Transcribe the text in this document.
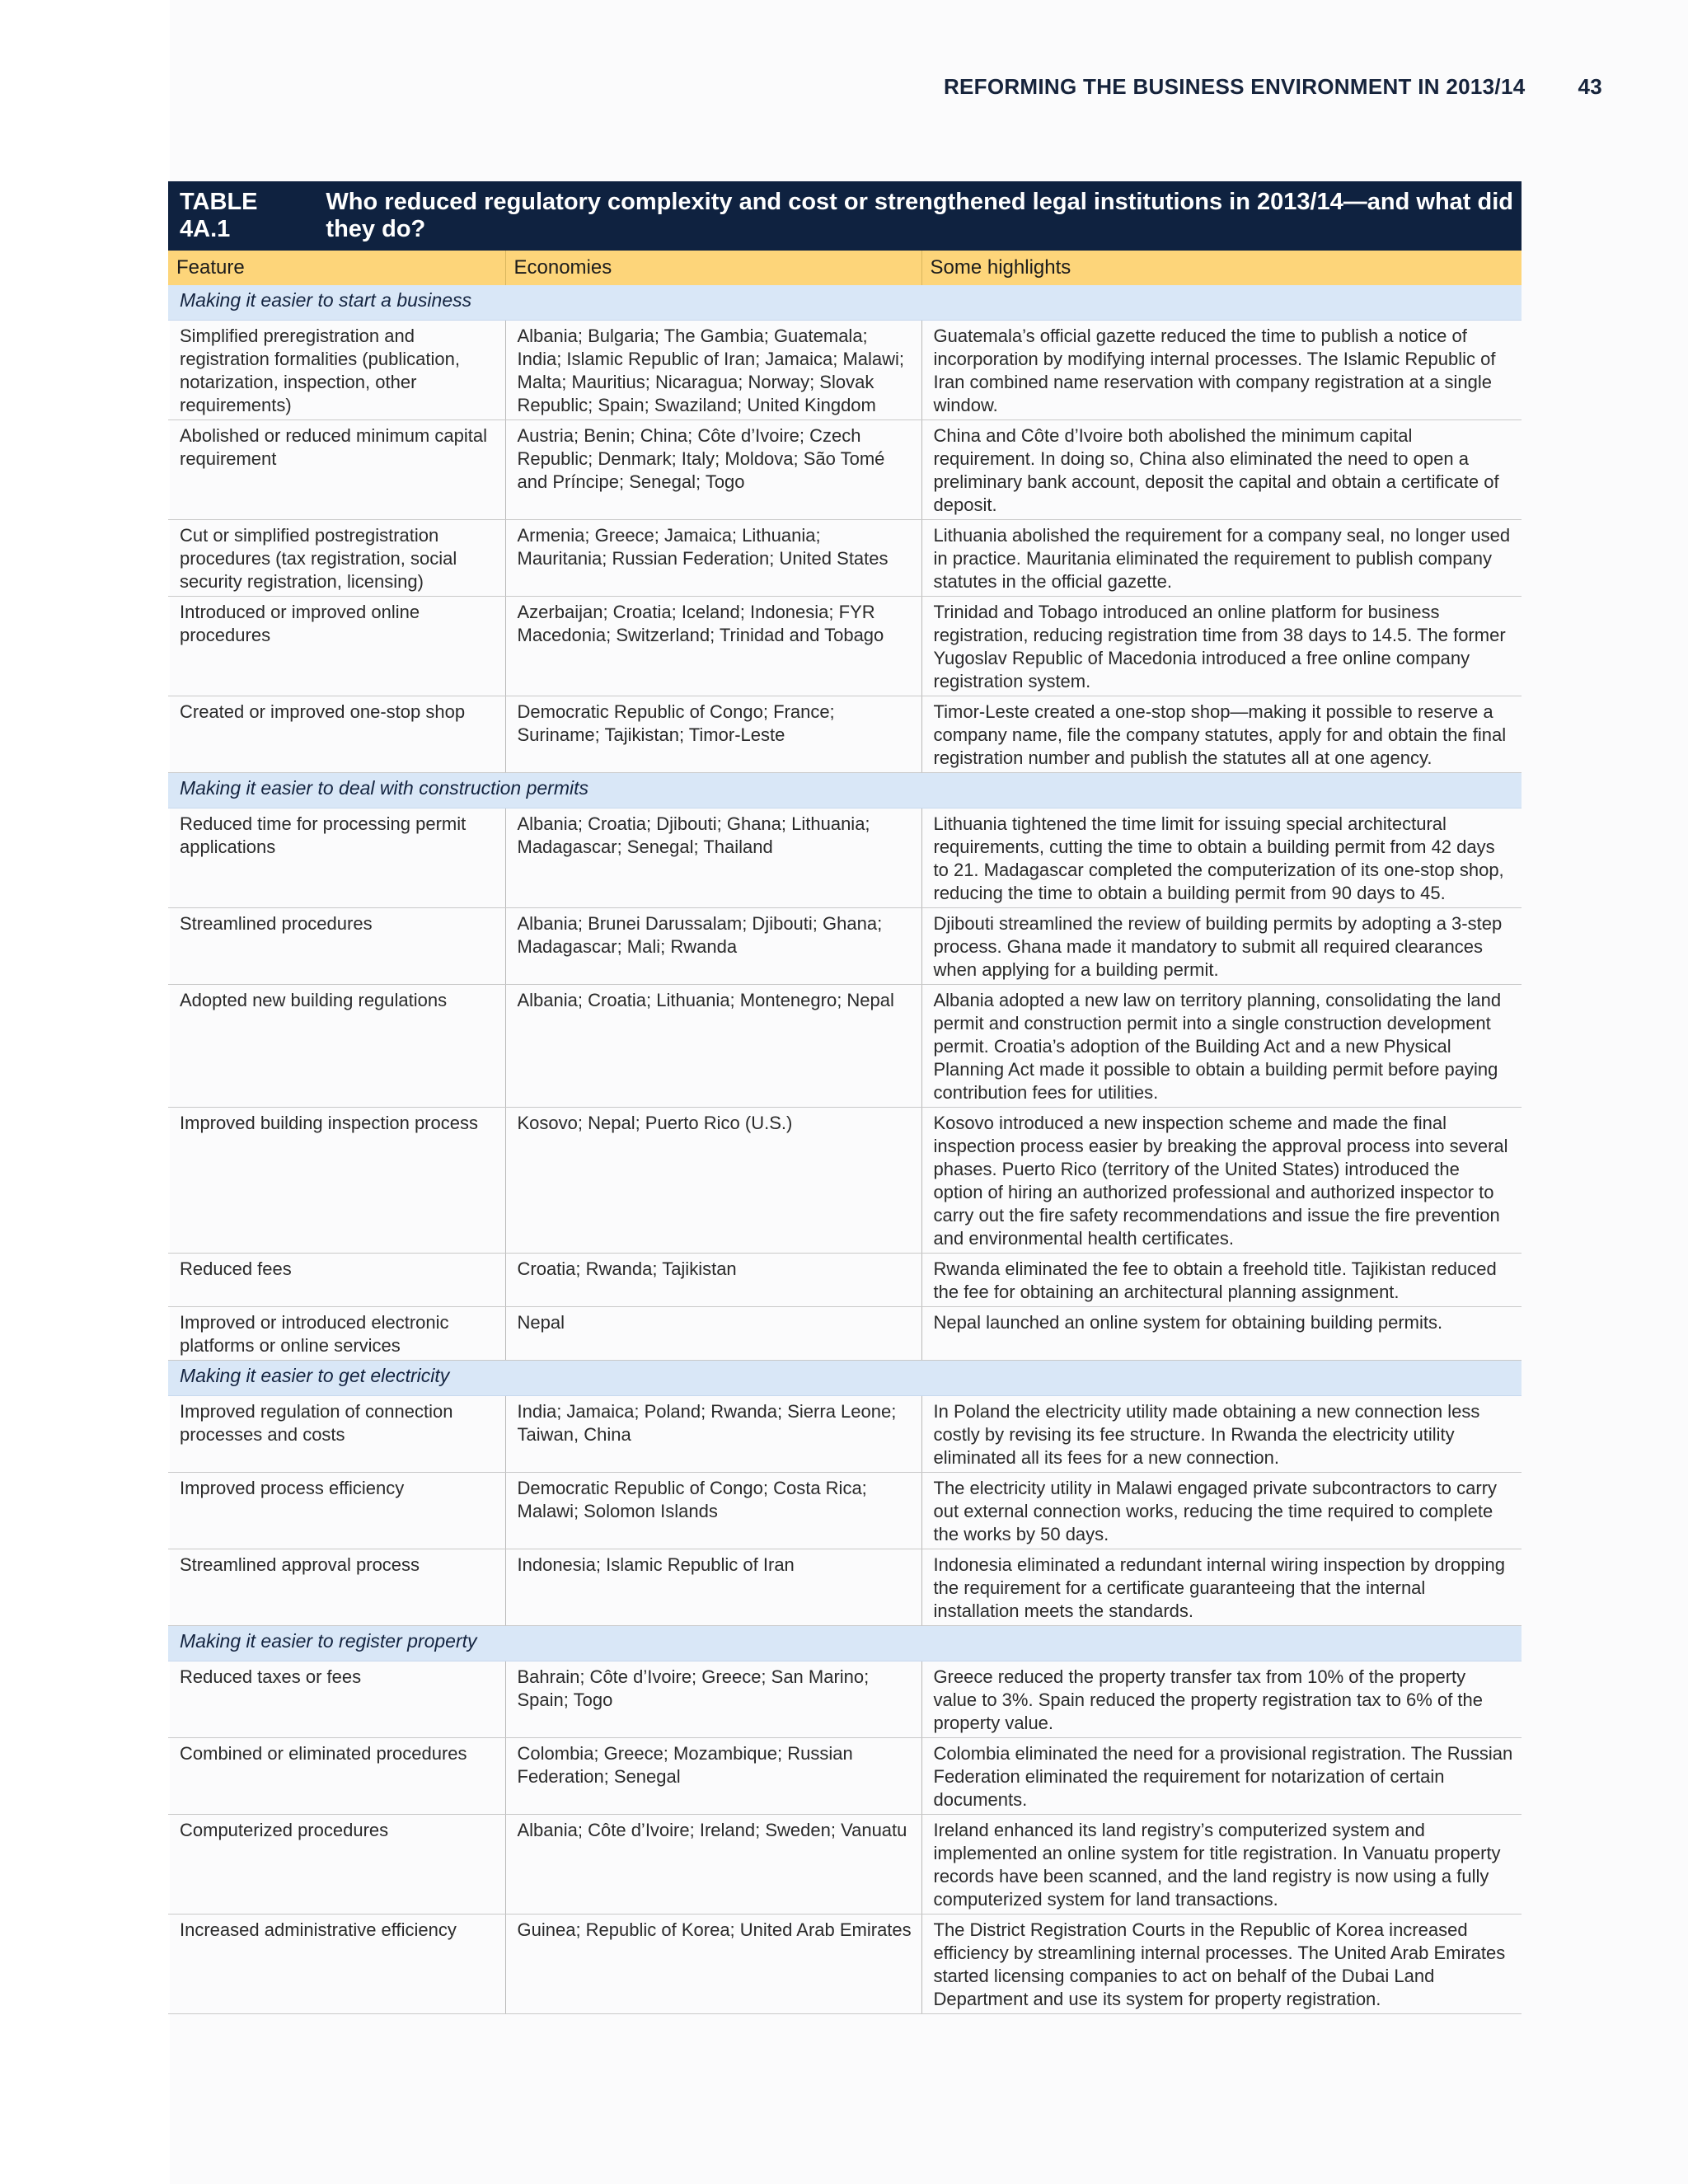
REFORMING THE BUSINESS ENVIRONMENT IN 2013/14 43
TABLE 4A.1
Who reduced regulatory complexity and cost or strengthened legal institutions in 2013/14—and what did they do?
Feature	Economies	Some highlights
Making it easier to start a business		
Simplified preregistration and registration formalities (publication, notarization, inspection, other requirements)	Albania; Bulgaria; The Gambia; Guatemala; India; Islamic Republic of Iran; Jamaica; Malawi; Malta; Mauritius; Nicaragua; Norway; Slovak Republic; Spain; Swaziland; United Kingdom	Guatemala’s official gazette reduced the time to publish a notice of incorporation by modifying internal processes. The Islamic Republic of Iran combined name reservation with company registration at a single window.
Abolished or reduced minimum capital requirement	Austria; Benin; China; Côte d’Ivoire; Czech Republic; Denmark; Italy; Moldova; São Tomé and Príncipe; Senegal; Togo	China and Côte d’Ivoire both abolished the minimum capital requirement. In doing so, China also eliminated the need to open a preliminary bank account, deposit the capital and obtain a certificate of deposit.
Cut or simplified postregistration procedures (tax registration, social security registration, licensing)	Armenia; Greece; Jamaica; Lithuania; Mauritania; Russian Federation; United States	Lithuania abolished the requirement for a company seal, no longer used in practice. Mauritania eliminated the requirement to publish company statutes in the official gazette.
Introduced or improved online procedures	Azerbaijan; Croatia; Iceland; Indonesia; FYR Macedonia; Switzerland; Trinidad and Tobago	Trinidad and Tobago introduced an online platform for business registration, reducing registration time from 38 days to 14.5. The former Yugoslav Republic of Macedonia introduced a free online company registration system.
Created or improved one-stop shop	Democratic Republic of Congo; France; Suriname; Tajikistan; Timor-Leste	Timor-Leste created a one-stop shop—making it possible to reserve a company name, file the company statutes, apply for and obtain the final registration number and publish the statutes all at one agency.
Making it easier to deal with construction permits		
Reduced time for processing permit applications	Albania; Croatia; Djibouti; Ghana; Lithuania; Madagascar; Senegal; Thailand	Lithuania tightened the time limit for issuing special architectural requirements, cutting the time to obtain a building permit from 42 days to 21. Madagascar completed the computerization of its one-stop shop, reducing the time to obtain a building permit from 90 days to 45.
Streamlined procedures	Albania; Brunei Darussalam; Djibouti; Ghana; Madagascar; Mali; Rwanda	Djibouti streamlined the review of building permits by adopting a 3-step process. Ghana made it mandatory to submit all required clearances when applying for a building permit.
Adopted new building regulations	Albania; Croatia; Lithuania; Montenegro; Nepal	Albania adopted a new law on territory planning, consolidating the land permit and construction permit into a single construction development permit. Croatia’s adoption of the Building Act and a new Physical Planning Act made it possible to obtain a building permit before paying contribution fees for utilities.
Improved building inspection process	Kosovo; Nepal; Puerto Rico (U.S.)	Kosovo introduced a new inspection scheme and made the final inspection process easier by breaking the approval process into several phases. Puerto Rico (territory of the United States) introduced the option of hiring an authorized professional and authorized inspector to carry out the fire safety recommendations and issue the fire prevention and environmental health certificates.
Reduced fees	Croatia; Rwanda; Tajikistan	Rwanda eliminated the fee to obtain a freehold title. Tajikistan reduced the fee for obtaining an architectural planning assignment.
Improved or introduced electronic platforms or online services	Nepal	Nepal launched an online system for obtaining building permits.
Making it easier to get electricity		
Improved regulation of connection processes and costs	India; Jamaica; Poland; Rwanda; Sierra Leone; Taiwan, China	In Poland the electricity utility made obtaining a new connection less costly by revising its fee structure. In Rwanda the electricity utility eliminated all its fees for a new connection.
Improved process efficiency	Democratic Republic of Congo; Costa Rica; Malawi; Solomon Islands	The electricity utility in Malawi engaged private subcontractors to carry out external connection works, reducing the time required to complete the works by 50 days.
Streamlined approval process	Indonesia; Islamic Republic of Iran	Indonesia eliminated a redundant internal wiring inspection by dropping the requirement for a certificate guaranteeing that the internal installation meets the standards.
Making it easier to register property		
Reduced taxes or fees	Bahrain; Côte d’Ivoire; Greece; San Marino; Spain; Togo	Greece reduced the property transfer tax from 10% of the property value to 3%. Spain reduced the property registration tax to 6% of the property value.
Combined or eliminated procedures	Colombia; Greece; Mozambique; Russian Federation; Senegal	Colombia eliminated the need for a provisional registration. The Russian Federation eliminated the requirement for notarization of certain documents.
Computerized procedures	Albania; Côte d’Ivoire; Ireland; Sweden; Vanuatu	Ireland enhanced its land registry’s computerized system and implemented an online system for title registration. In Vanuatu property records have been scanned, and the land registry is now using a fully computerized system for land transactions.
Increased administrative efficiency	Guinea; Republic of Korea; United Arab Emirates	The District Registration Courts in the Republic of Korea increased efficiency by streamlining internal processes. The United Arab Emirates started licensing companies to act on behalf of the Dubai Land Department and use its system for property registration.
